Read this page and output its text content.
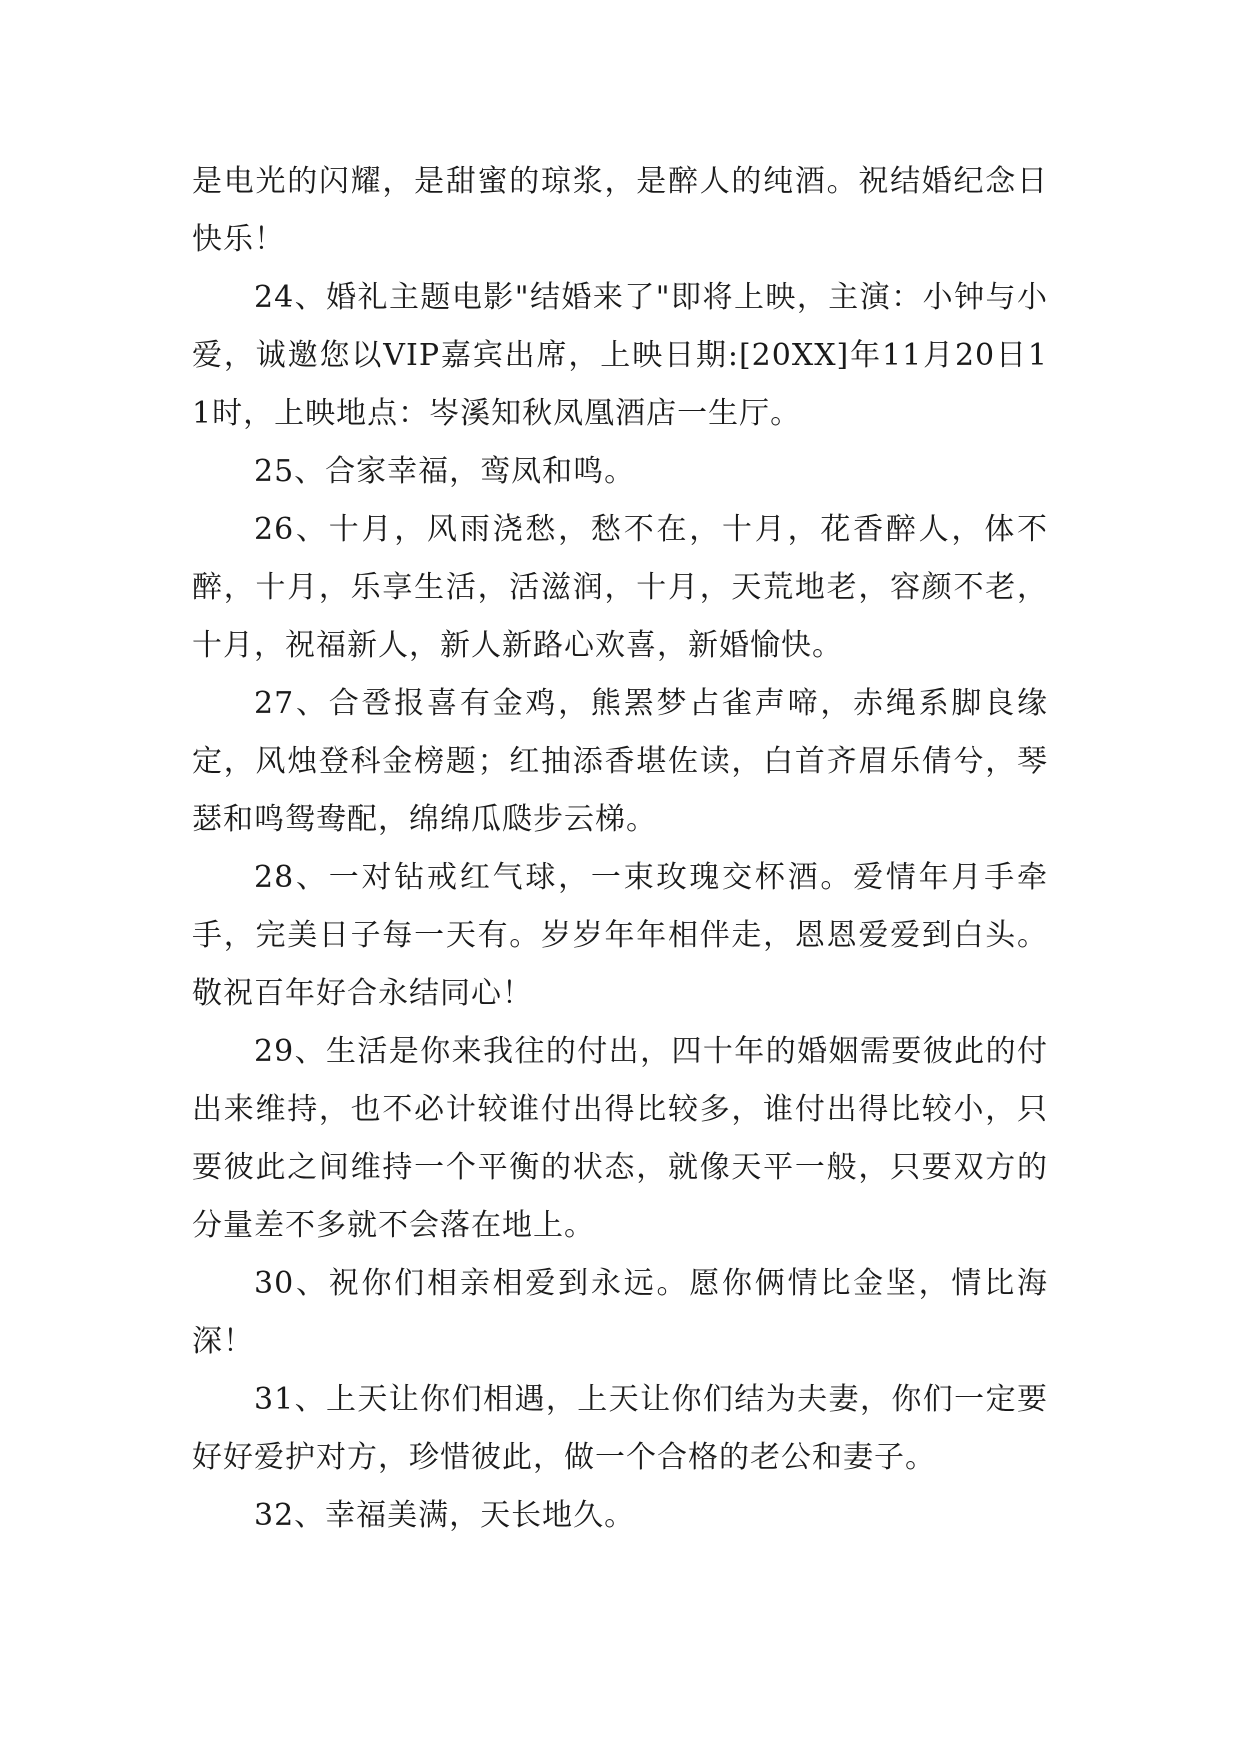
是电光的闪耀，是甜蜜的琼浆，是醉人的纯酒。祝结婚纪念日快乐！

24、婚礼主题电影"结婚来了"即将上映，主演：小钟与小爱，诚邀您以VIP嘉宾出席，上映日期:[20XX]年11月20日11时，上映地点：岑溪知秋凤凰酒店一生厅。

25、合家幸福，鸾凤和鸣。

26、十月，风雨浇愁，愁不在，十月，花香醉人，体不醉，十月，乐享生活，活滋润，十月，天荒地老，容颜不老，十月，祝福新人，新人新路心欢喜，新婚愉快。

27、合卺报喜有金鸡，熊罴梦占雀声啼，赤绳系脚良缘定，风烛登科金榜题；红抽添香堪佐读，白首齐眉乐倩兮，琴瑟和鸣鸳鸯配，绵绵瓜瓞步云梯。

28、一对钻戒红气球，一束玫瑰交杯酒。爱情年月手牵手，完美日子每一天有。岁岁年年相伴走，恩恩爱爱到白头。敬祝百年好合永结同心！

29、生活是你来我往的付出，四十年的婚姻需要彼此的付出来维持，也不必计较谁付出得比较多，谁付出得比较小，只要彼此之间维持一个平衡的状态，就像天平一般，只要双方的分量差不多就不会落在地上。

30、祝你们相亲相爱到永远。愿你俩情比金坚，情比海深！

31、上天让你们相遇，上天让你们结为夫妻，你们一定要好好爱护对方，珍惜彼此，做一个合格的老公和妻子。

32、幸福美满，天长地久。
